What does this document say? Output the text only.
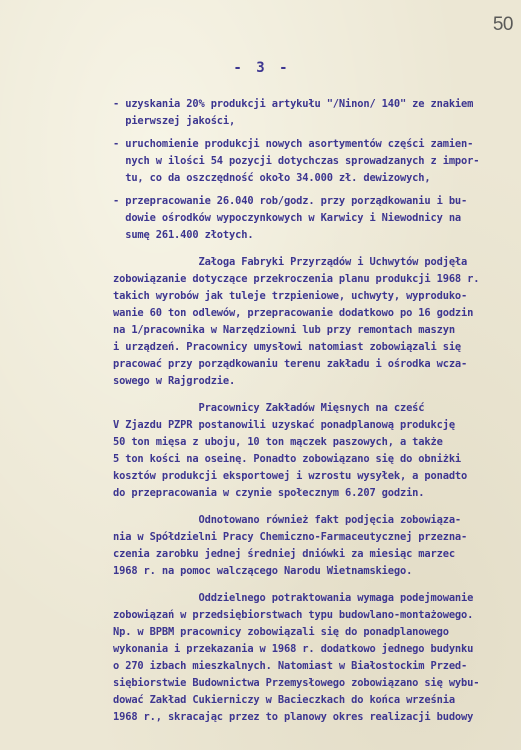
50

- 3 -

- uzyskania 20% produkcji artykułu "/Ninon/ 140" ze znakiem

pierwszej jakości,

- uruchomienie produkcji nowych asortymentów części zamien-

nych w ilości 54 pozycji dotychczas sprowadzanych z impor-

tu, co da oszczędność około 34.000 zł. dewizowych,

- przepracowanie 26.040 rob/godz. przy porządkowaniu i bu-

dowie ośrodków wypoczynkowych w Karwicy i Niewodnicy na

sumę 261.400 złotych.

Załoga Fabryki Przyrządów i Uchwytów podjęła

zobowiązanie dotyczące przekroczenia planu produkcji 1968 r.

takich wyrobów jak tuleje trzpieniowe, uchwyty, wyproduko-

wanie 60 ton odlewów, przepracowanie dodatkowo po 16 godzin

na 1/pracownika w Narzędziowni lub przy remontach maszyn

i urządzeń. Pracownicy umysłowi natomiast zobowiązali się

pracować przy porządkowaniu terenu zakładu i ośrodka wcza-

sowego w Rajgrodzie.

Pracownicy Zakładów Mięsnych na cześć

V Zjazdu PZPR postanowili uzyskać ponadplanową produkcję

50 ton mięsa z uboju, 10 ton mączek paszowych, a także

5 ton kości na oseinę. Ponadto zobowiązano się do obniżki

kosztów produkcji eksportowej i wzrostu wysyłek, a ponadto

do przepracowania w czynie społecznym 6.207 godzin.

Odnotowano również fakt podjęcia zobowiąza-

nia w Spółdzielni Pracy Chemiczno-Farmaceutycznej przezna-

czenia zarobku jednej średniej dniówki za miesiąc marzec

1968 r. na pomoc walczącego Narodu Wietnamskiego.

Oddzielnego potraktowania wymaga podejmowanie

zobowiązań w przedsiębiorstwach typu budowlano-montażowego.

Np. w BPBM pracownicy zobowiązali się do ponadplanowego

wykonania i przekazania w 1968 r. dodatkowo jednego budynku

o 270 izbach mieszkalnych. Natomiast w Białostockim Przed-

siębiorstwie Budownictwa Przemysłowego zobowiązano się wybu-

dować Zakład Cukierniczy w Bacieczkach do końca września

1968 r., skracając przez to planowy okres realizacji budowy
